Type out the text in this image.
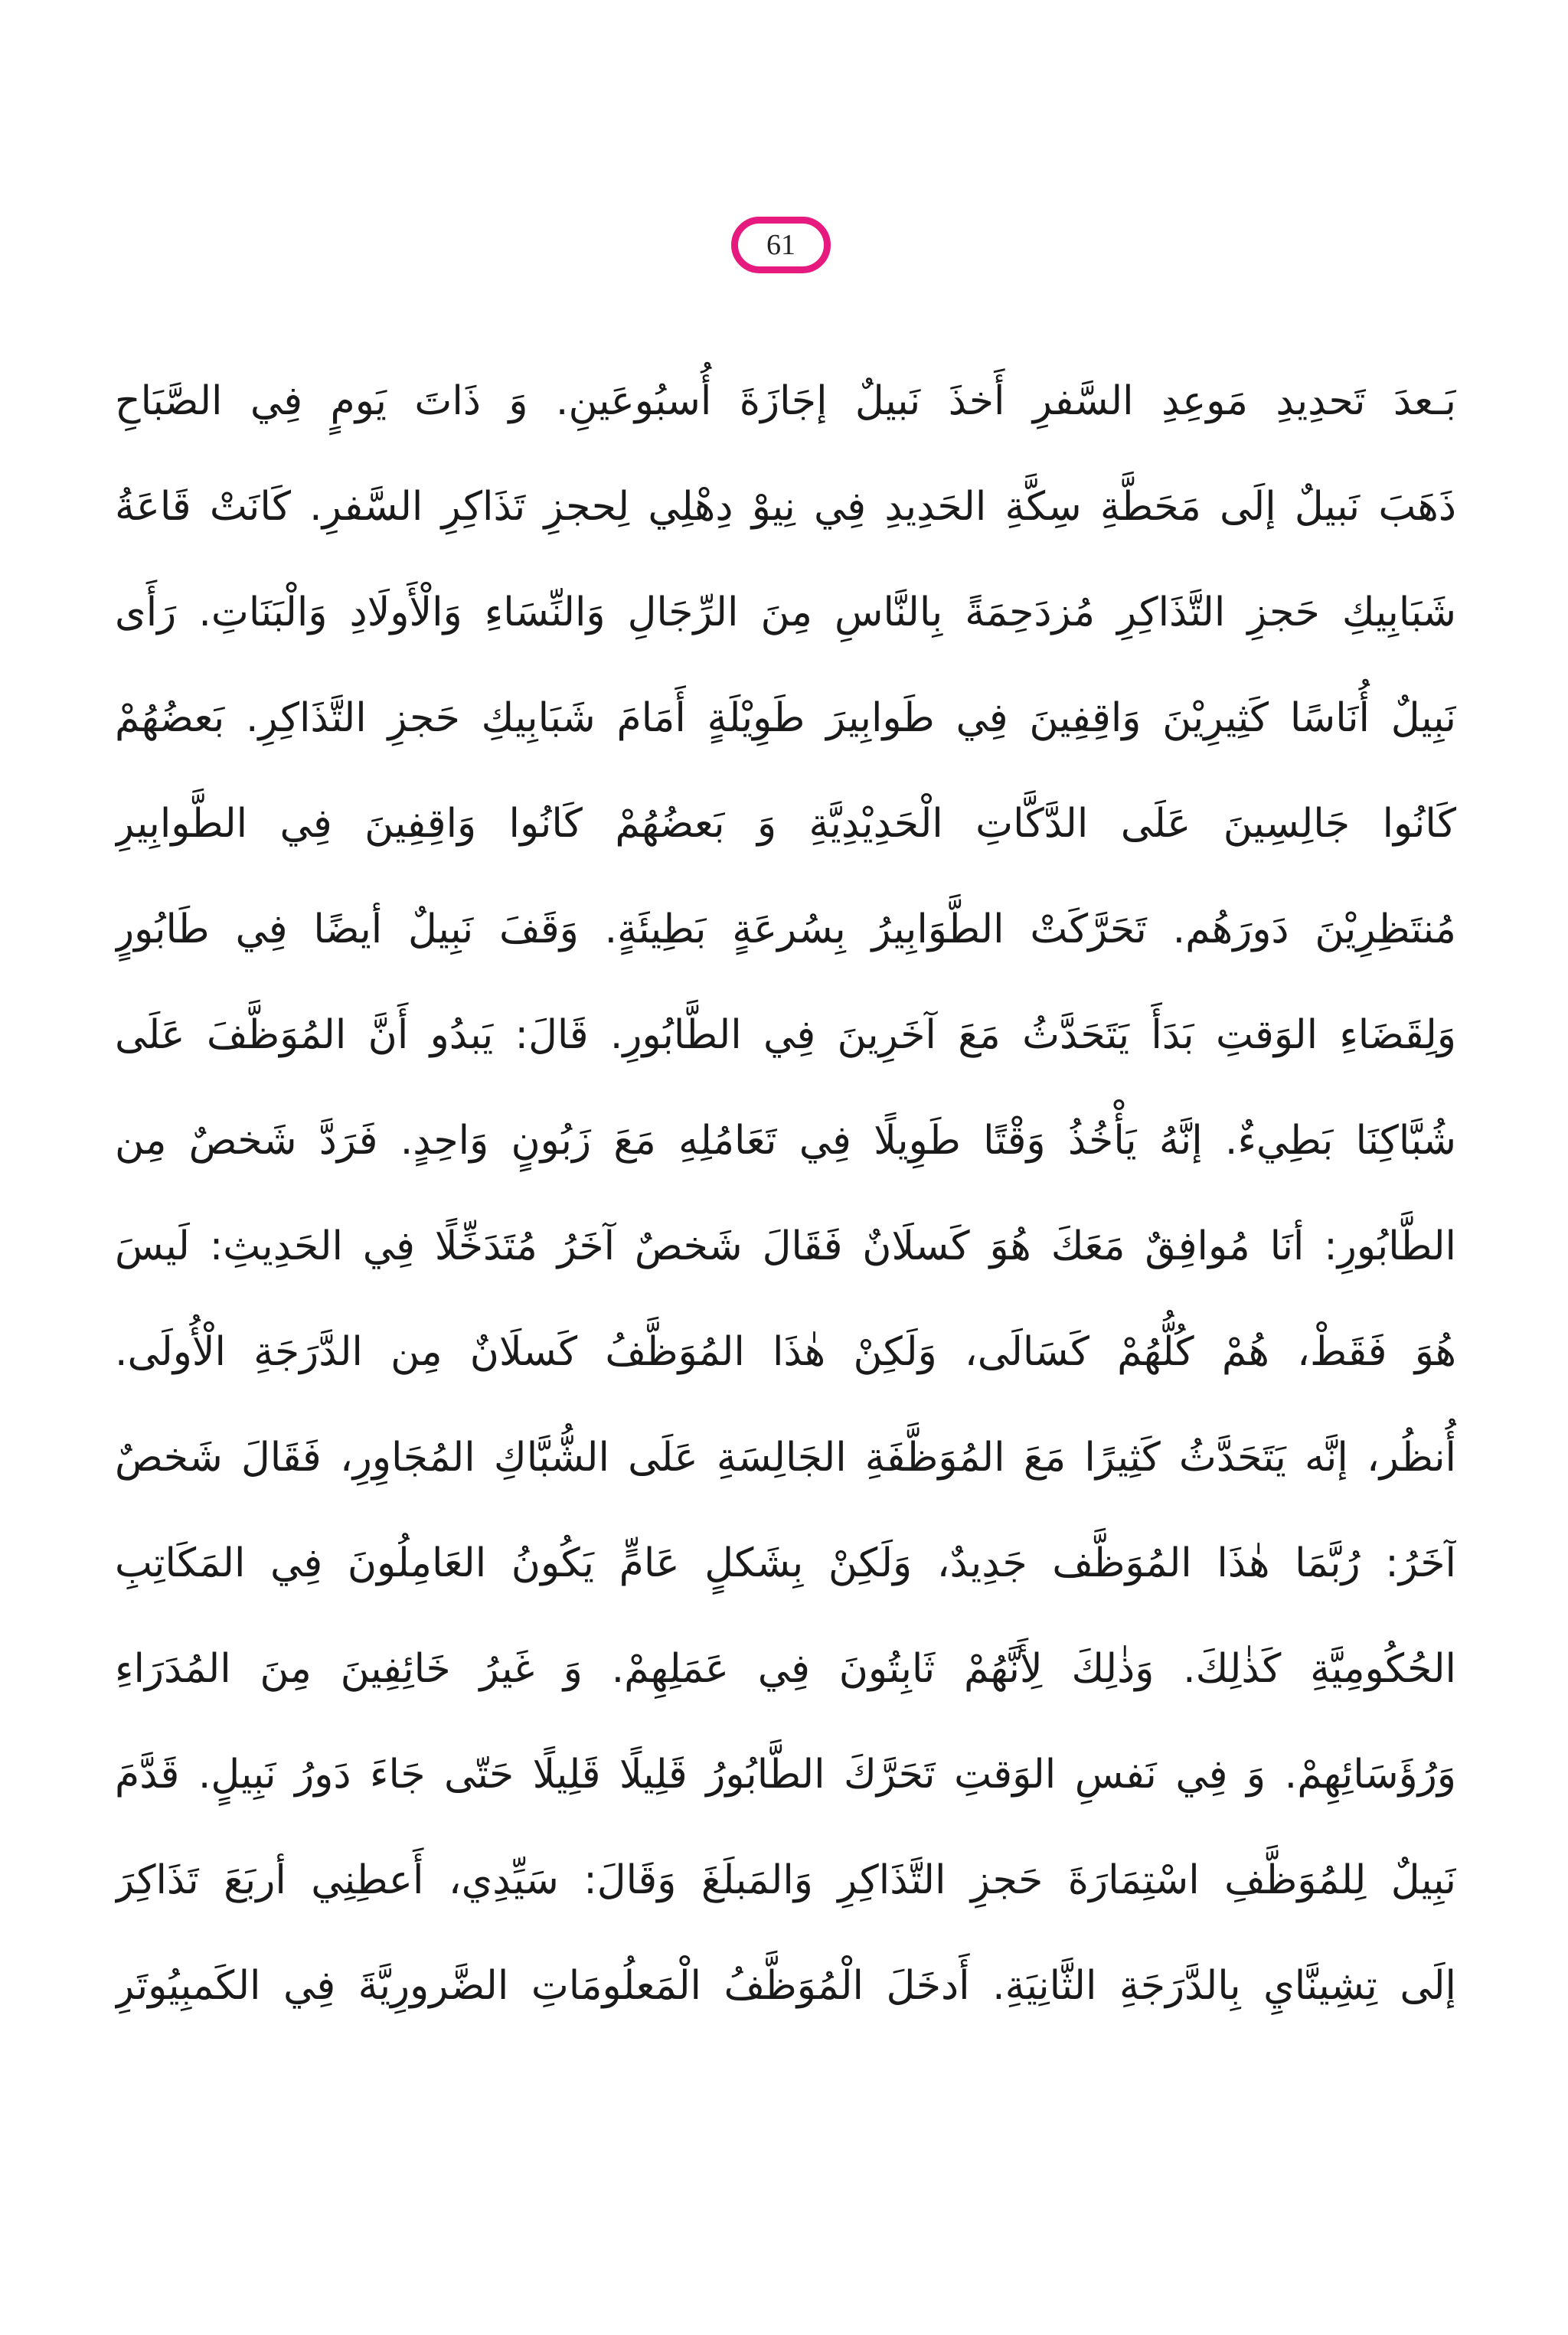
61
بَـعدَ تَحدِيدِ مَوعِدِ السَّفرِ أَخذَ نَبيلٌ إجَازَةَ أُسبُوعَينِ. وَ ذَاتَ يَومٍ فِي الصَّبَاحِ
ذَهَبَ نَبيلٌ إلَى مَحَطَّةِ سِكَّةِ الحَدِيدِ فِي نِيوْ دِهْلِي لِحجزِ تَذَاكِرِ السَّفرِ. كَانَتْ قَاعَةُ
شَبَابِيكِ حَجزِ التَّذَاكِرِ مُزدَحِمَةً بِالنَّاسِ مِنَ الرِّجَالِ وَالنِّسَاءِ وَالْأَولَادِ وَالْبَنَاتِ. رَأَى
نَبِيلٌ أُنَاسًا كَثِيرِيْنَ وَاقِفِينَ فِي طَوابِيرَ طَوِيْلَةٍ أَمَامَ شَبَابِيكِ حَجزِ التَّذَاكِرِ. بَعضُهُمْ
كَانُوا جَالِسِينَ عَلَى الدَّكَّاتِ الْحَدِيْدِيَّةِ وَ بَعضُهُمْ كَانُوا وَاقِفِينَ فِي الطَّوابِيرِ
مُنتَظِرِيْنَ دَورَهُم. تَحَرَّكَتْ الطَّوَابِيرُ بِسُرعَةٍ بَطِيئَةٍ. وَقَفَ نَبِيلٌ أيضًا فِي طَابُورٍ
وَلِقَضَاءِ الوَقتِ بَدَأَ يَتَحَدَّثُ مَعَ آخَرِينَ فِي الطَّابُورِ. قَالَ: يَبدُو أَنَّ المُوَظَّفَ عَلَى
شُبَّاكِنَا بَطِيءٌ. إنَّهُ يَأْخُذُ وَقْتًا طَوِيلًا فِي تَعَامُلِهِ مَعَ زَبُونٍ وَاحِدٍ. فَرَدَّ شَخصٌ مِن
الطَّابُورِ: أنَا مُوافِقٌ مَعَكَ هُوَ كَسلَانٌ فَقَالَ شَخصٌ آخَرُ مُتَدَخِّلًا فِي الحَدِيثِ: لَيسَ
هُوَ فَقَطْ، هُمْ كُلُّهُمْ كَسَالَى، وَلَكِنْ هٰذَا المُوَظَّفُ كَسلَانٌ مِن الدَّرَجَةِ الْأُولَى.
أُنظُر، إنَّه يَتَحَدَّثُ كَثِيرًا مَعَ المُوَظَّفَةِ الجَالِسَةِ عَلَى الشُّبَّاكِ المُجَاوِرِ، فَقَالَ شَخصٌ
آخَرُ: رُبَّمَا هٰذَا المُوَظَّف جَدِيدٌ، وَلَكِنْ بِشَكلٍ عَامٍّ يَكُونُ العَامِلُونَ فِي المَكَاتِبِ
الحُكُومِيَّةِ كَذٰلِكَ. وَذٰلِكَ لِأَنَّهُمْ ثَابِتُونَ فِي عَمَلِهِمْ. وَ غَيرُ خَائِفِينَ مِنَ المُدَرَاءِ
وَرُؤَسَائِهِمْ. وَ فِي نَفسِ الوَقتِ تَحَرَّكَ الطَّابُورُ قَلِيلًا قَلِيلًا حَتّى جَاءَ دَورُ نَبِيلٍ. قَدَّمَ
نَبِيلٌ لِلمُوَظَّفِ اسْتِمَارَةَ حَجزِ التَّذَاكِرِ وَالمَبلَغَ وَقَالَ: سَيِّدِي، أَعطِنِي أربَعَ تَذَاكِرَ
إلَى تِشِينَّايِ بِالدَّرَجَةِ الثَّانِيَةِ. أَدخَلَ الْمُوَظَّفُ الْمَعلُومَاتِ الضَّرورِيَّةَ فِي الكَمبِيُوتَرِ
